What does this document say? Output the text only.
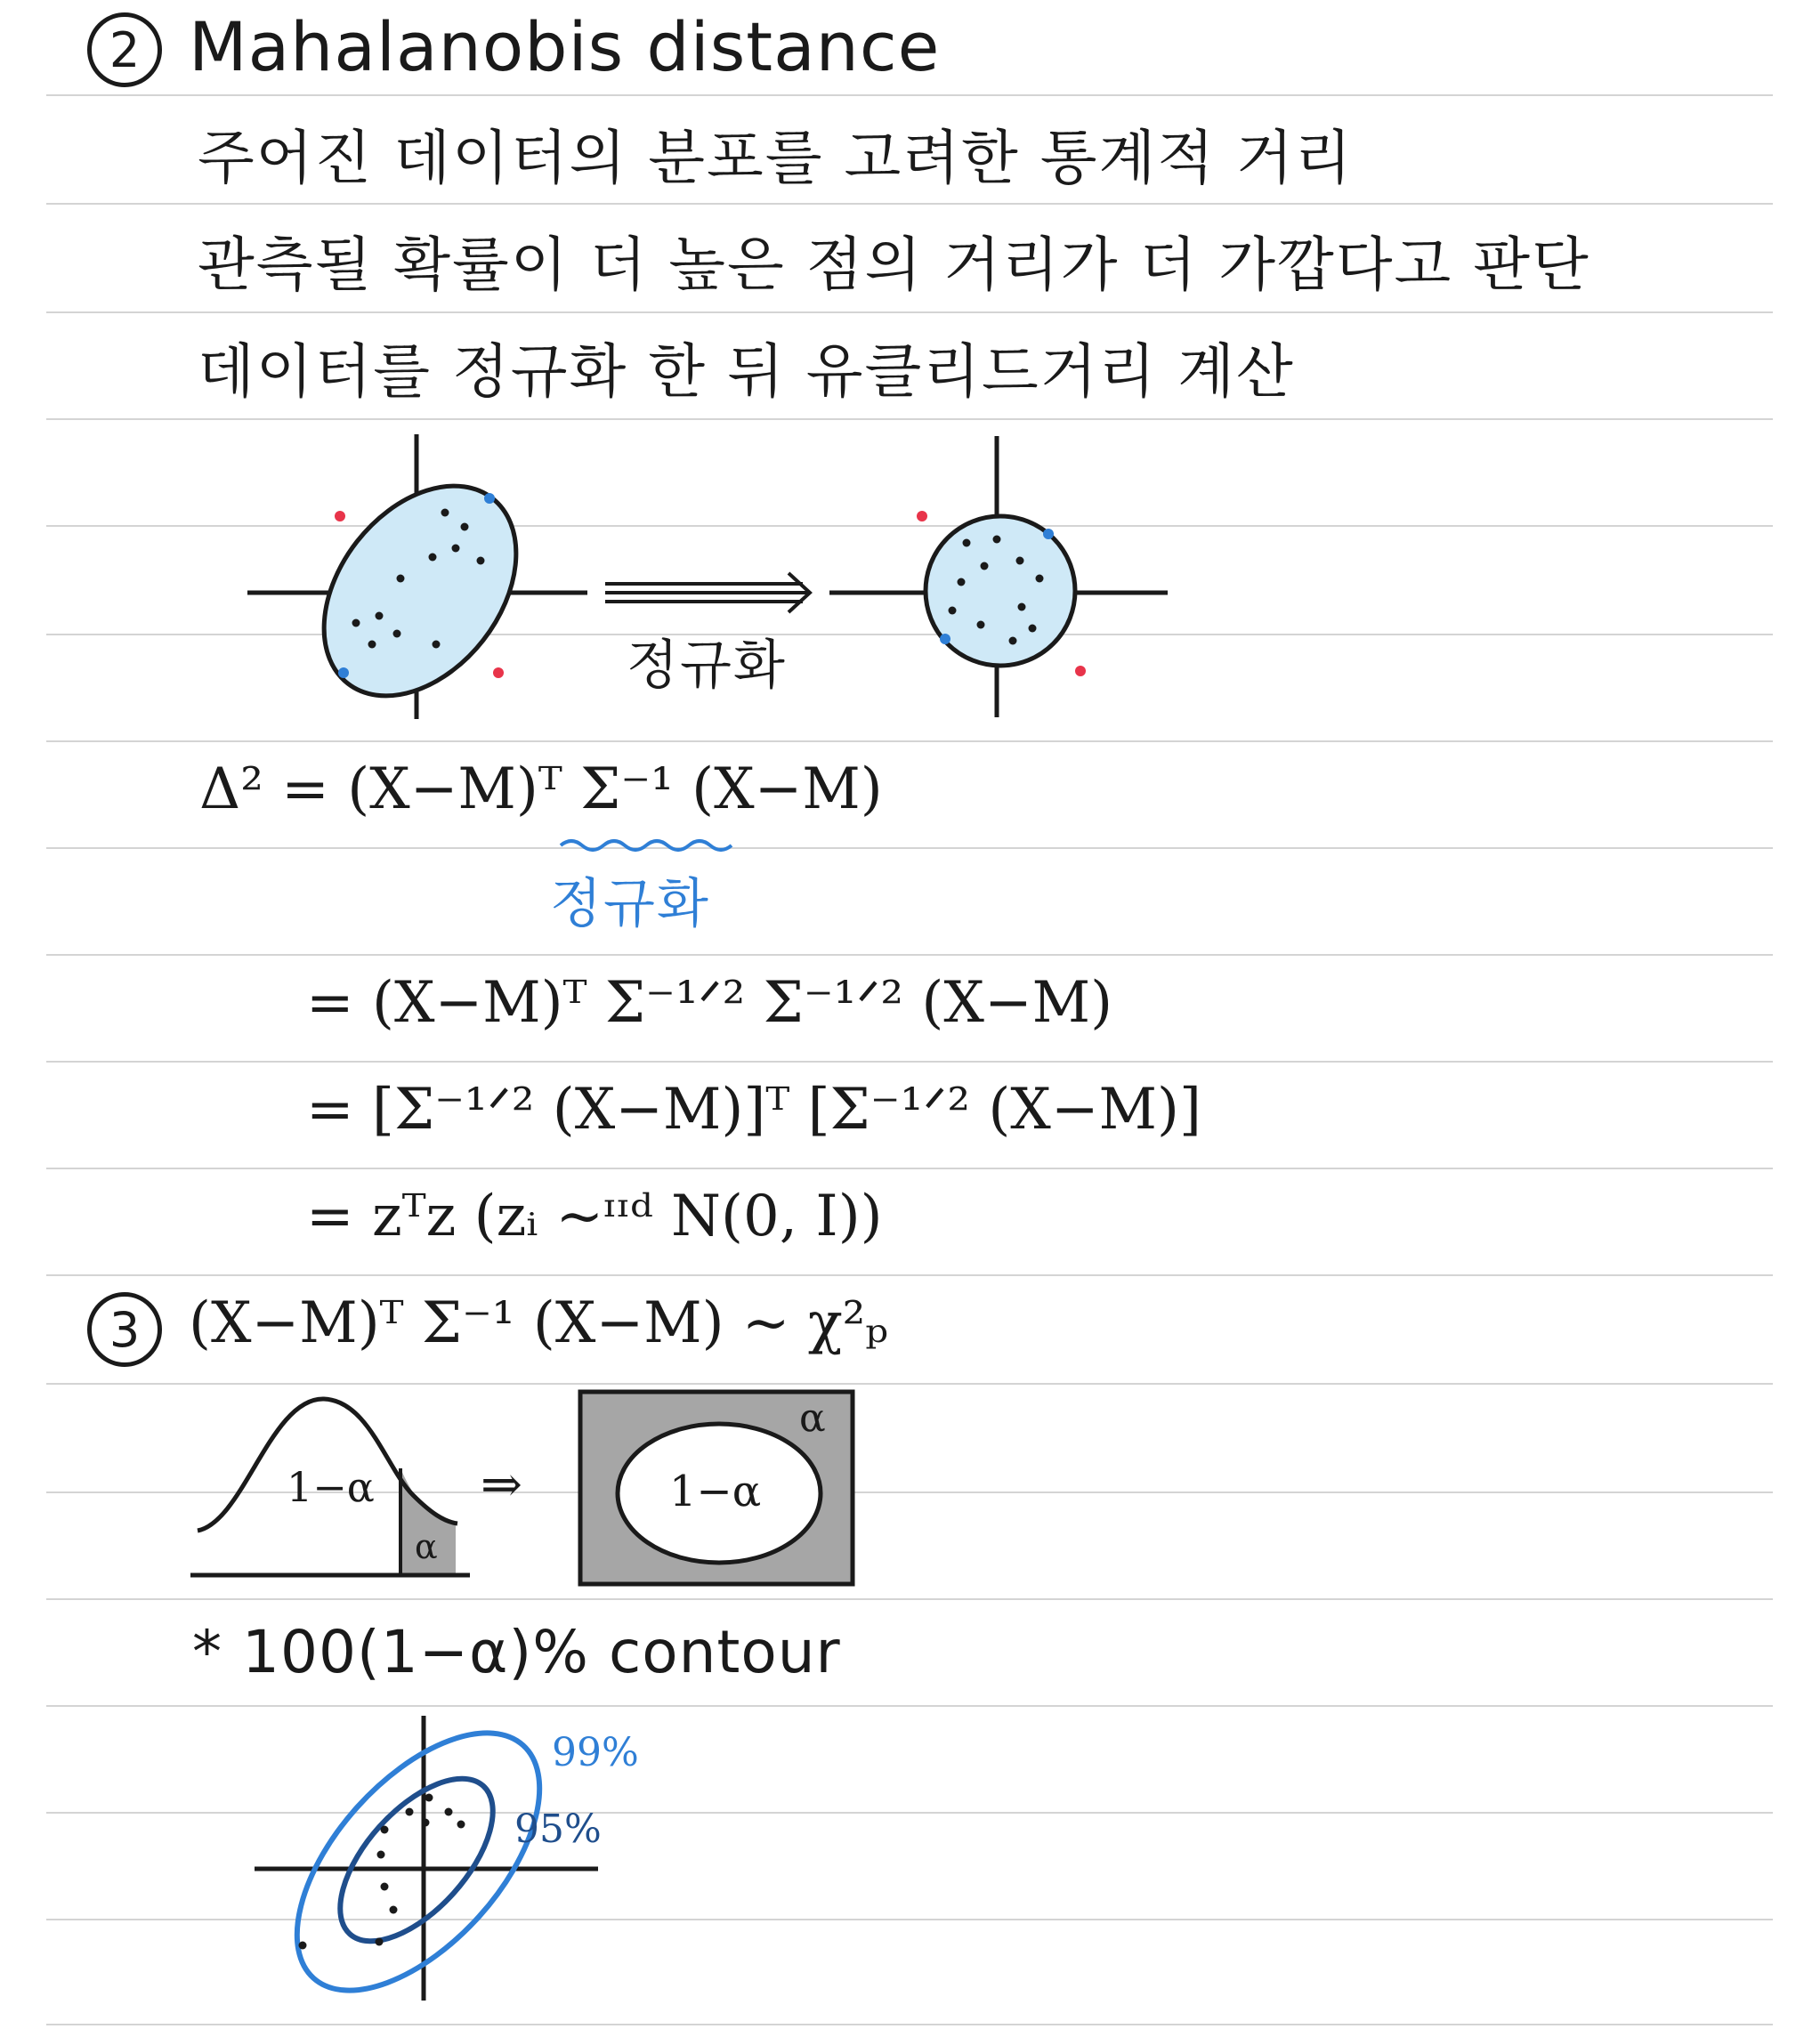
2 Mahalanobis distance
주어진 데이터의 분포를 고려한 통계적 거리
관측될 확률이 더 높은 점의 거리가 더 가깝다고 판단
데이터를 정규화 한 뒤 유클리드거리 계산
정규화
Δ² = (X−M)ᵀ Σ⁻¹ (X−M)
정규화
= (X−M)ᵀ Σ⁻¹ᐟ² Σ⁻¹ᐟ² (X−M)
= [Σ⁻¹ᐟ² (X−M)]ᵀ [Σ⁻¹ᐟ² (X−M)]
= zᵀz (zᵢ ~ᶦᶦᵈ N(0, I))
3 (X−M)ᵀ Σ⁻¹ (X−M) ~ χ²ₚ
1−α
α
⇒	1−α
α
* 100(1−α)% contour
99%
95%
